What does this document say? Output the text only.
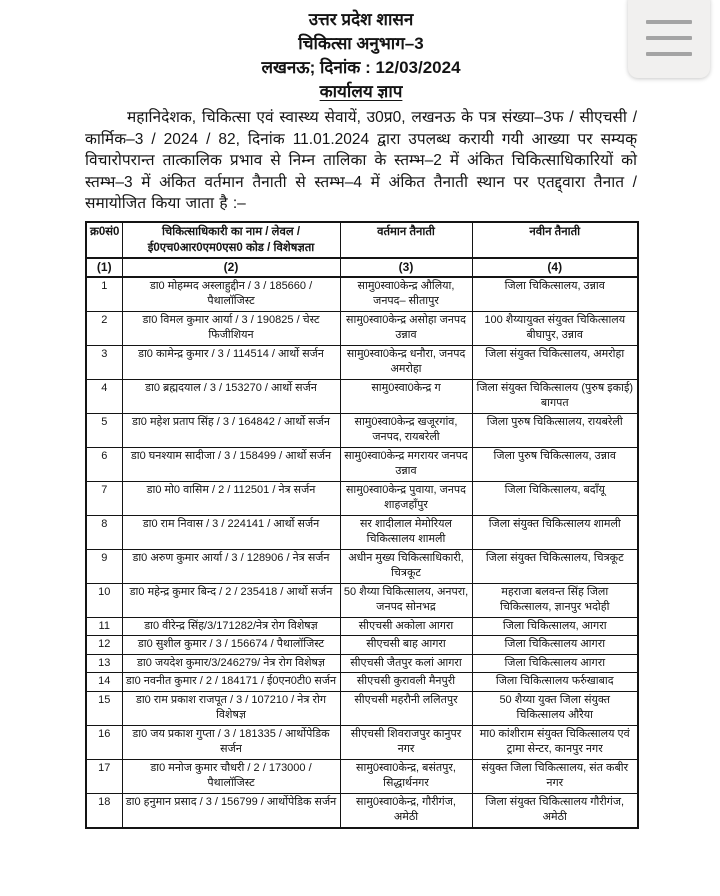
उत्तर प्रदेश शासन

चिकित्सा अनुभाग–3

लखनऊ; दिनांक : 12/03/2024

कार्यालय ज्ञाप

महानिदेशक, चिकित्सा एवं स्वास्थ्य सेवायें, उ0प्र0, लखनऊ के पत्र संख्या–3फ / सीएचसी / कार्मिक–3 / 2024 / 82, दिनांक 11.01.2024 द्वारा उपलब्ध करायी गयी आख्या पर सम्यक् विचारोपरान्त तात्कालिक प्रभाव से निम्न तालिका के स्तम्भ–2 में अंकित चिकित्साधिकारियों को स्तम्भ–3 में अंकित वर्तमान तैनाती से स्तम्भ–4 में अंकित तैनाती स्थान पर एतद्द्वारा तैनात / समायोजित किया जाता है :–

क्र0सं0	चिकित्साधिकारी का नाम / लेवल / ई0एच0आर0एम0एस0 कोड / विशेषज्ञता	वर्तमान तैनाती	नवीन तैनाती
(1)	(2)	(3)	(4)
1	डा0 मोहम्मद अस्लाहुद्दीन / 3 / 185660 / पैथालॉजिस्ट	सामु0स्वा0केन्द्र औलिया, जनपद– सीतापुर	जिला चिकित्सालय, उन्नाव
2	डा0 विमल कुमार आर्या / 3 / 190825 / चेस्ट फिजीशियन	सामु0स्वा0केन्द्र असोहा जनपद उन्नाव	100 शैय्यायुक्त संयुक्त चिकित्सालय बीघापुर, उन्नाव
3	डा0 कामेन्द्र कुमार / 3 / 114514 / आर्थो सर्जन	सामु0स्वा0केन्द्र धनौरा, जनपद अमरोहा	जिला संयुक्त चिकित्सालय, अमरोहा
4	डा0 ब्रह्मदयाल / 3 / 153270 / आर्थो सर्जन	सामु0स्वा0केन्द्र ग	जिला संयुक्त चिकित्सालय (पुरुष इकाई) बागपत
5	डा0 महेश प्रताप सिंह / 3 / 164842 / आर्थो सर्जन	सामु0स्वा0केन्द्र खजूरगांव, जनपद, रायबरेली	जिला पुरुष चिकित्सालय, रायबरेली
6	डा0 घनश्याम सादीजा / 3 / 158499 / आर्थो सर्जन	सामु0स्वा0केन्द्र मगरायर जनपद उन्नाव	जिला पुरुष चिकित्सालय, उन्नाव
7	डा0 मो0 वासिम / 2 / 112501 / नेत्र सर्जन	सामु0स्वा0केन्द्र पुवाया, जनपद शाहजहाँपुर	जिला चिकित्सालय, बदाँयू
8	डा0 राम निवास / 3 / 224141 / आर्थो सर्जन	सर शादीलाल मेमोरियल चिकित्सालय शामली	जिला संयुक्त चिकित्सालय शामली
9	डा0 अरुण कुमार आर्या / 3 / 128906 / नेत्र सर्जन	अधीन मुख्य चिकित्साधिकारी, चित्रकूट	जिला संयुक्त चिकित्सालय, चित्रकूट
10	डा0 महेन्द्र कुमार बिन्द / 2 / 235418 / आर्थो सर्जन	50 शैय्या चिकित्सालय, अनपरा, जनपद सोनभद्र	महराजा बलवन्त सिंह जिला चिकित्सालय, ज्ञानपुर भदोही
11	डा0 वीरेन्द्र सिंह/3/171282/नेत्र रोग विशेषज्ञ	सीएचसी अकोला आगरा	जिला चिकित्सालय, आगरा
12	डा0 सुशील कुमार / 3 / 156674 / पैथालॉजिस्ट	सीएचसी बाह आगरा	जिला चिकित्सालय आगरा
13	डा0 जयदेश कुमार/3/246279/ नेत्र रोग विशेषज्ञ	सीएचसी जैतपुर कलां आगरा	जिला चिकित्सालय आगरा
14	डा0 नवनीत कुमार / 2 / 184171 / ई0एन0टी0 सर्जन	सीएचसी कुरावली मैनपुरी	जिला चिकित्सालय फर्रुखाबाद
15	डा0 राम प्रकाश राजपूत / 3 / 107210 / नेत्र रोग विशेषज्ञ	सीएचसी महरौनी ललितपुर	50 शैय्या युक्त जिला संयुक्त चिकित्सालय औरैया
16	डा0 जय प्रकाश गुप्ता / 3 / 181335 / आर्थोपेडिक सर्जन	सीएचसी शिवराजपुर कानुपर नगर	मा0 कांशीराम संयुक्त चिकित्सालय एवं ट्रामा सेन्टर, कानपुर नगर
17	डा0 मनोज कुमार चौधरी / 2 / 173000 / पैथालॉजिस्ट	सामु0स्वा0केन्द्र, बसंतपुर, सिद्धार्थनगर	संयुक्त जिला चिकित्सालय, संत कबीर नगर
18	डा0 हनुमान प्रसाद / 3 / 156799 / आर्थोपेडिक सर्जन	सामु0स्वा0केन्द्र, गौरीगंज, अमेठी	जिला संयुक्त चिकित्सालय गौरीगंज, अमेठी
